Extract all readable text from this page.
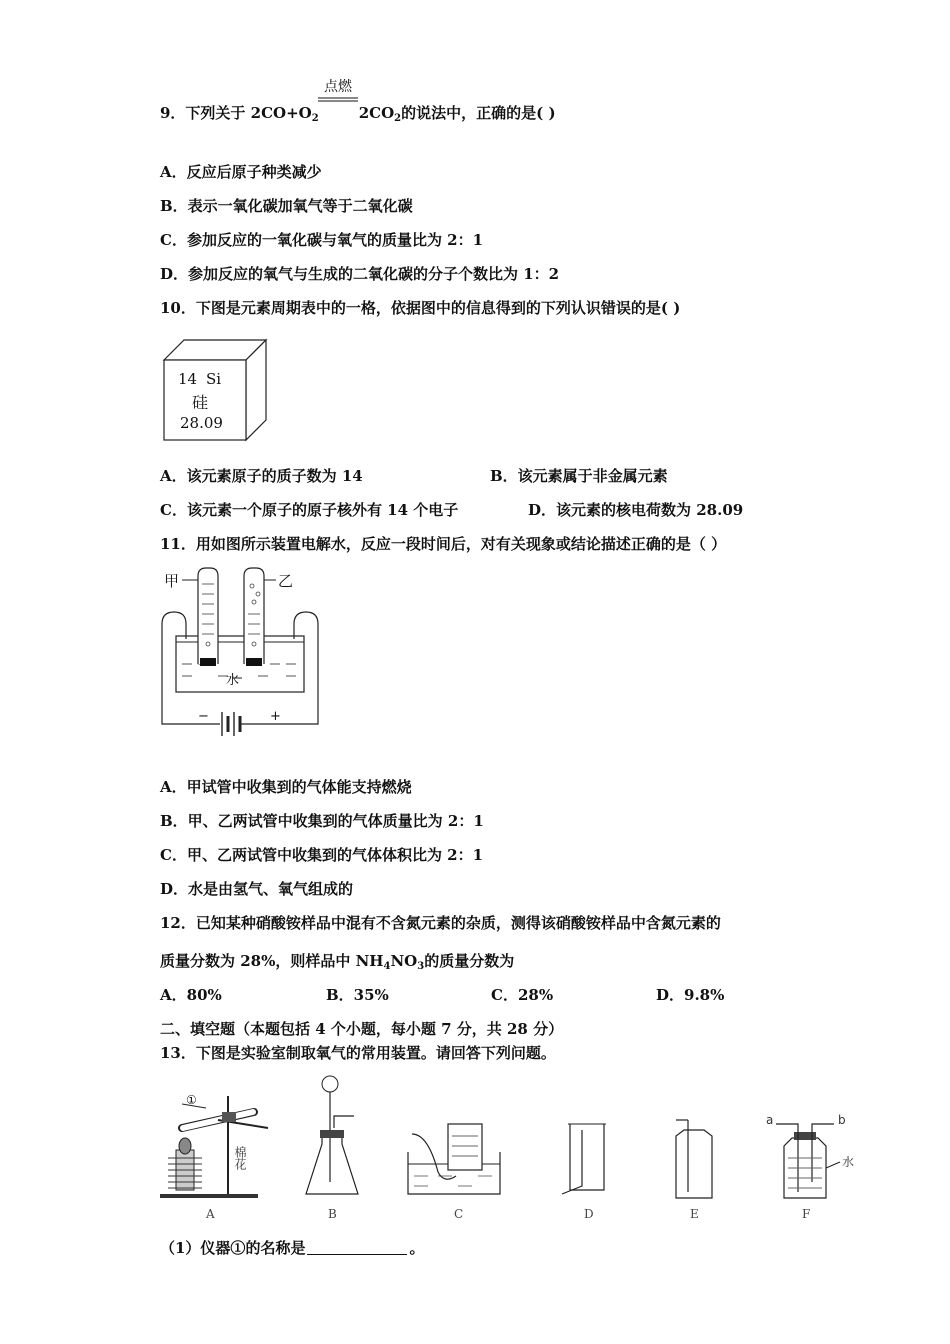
点燃
9．下列关于 $2CO+O_2$	$2CO_2$的说法中，正确的是( )
A．反应后原子种类减少
B．表示一氧化碳加氧气等于二氧化碳
C．参加反应的一氧化碳与氧气的质量比为 2：1
D．参加反应的氧气与生成的二氧化碳的分子个数比为 1：2
10．下图是元素周期表中的一格，依据图中的信息得到的下列认识错误的是( )
14 Si
硅
28.09
A．该元素原子的质子数为 14	B．该元素属于非金属元素
C．该元素一个原子的原子核外有 14 个电子	D．该元素的核电荷数为 28.09
11．用如图所示装置电解水，反应一段时间后，对有关现象或结论描述正确的是（ ）
甲	乙
水
−	+
A．甲试管中收集到的气体能支持燃烧
B．甲、乙两试管中收集到的气体质量比为 2：1
C．甲、乙两试管中收集到的气体体积比为 2：1
D．水是由氢气、氧气组成的
12．已知某种硝酸铵样品中混有不含氮元素的杂质，测得该硝酸铵样品中含氮元素的
质量分数为 28%，则样品中 $NH_4NO_3$的质量分数为
A．80%	B．35%	C．28%	D．9.8%
二、填空题（本题包括 4 个小题，每小题 7 分，共 28 分）
13．下图是实验室制取氧气的常用装置。请回答下列问题。
①
棉花
A	B	C	D	E
a	b
水
F
（1）仪器①的名称是	。
